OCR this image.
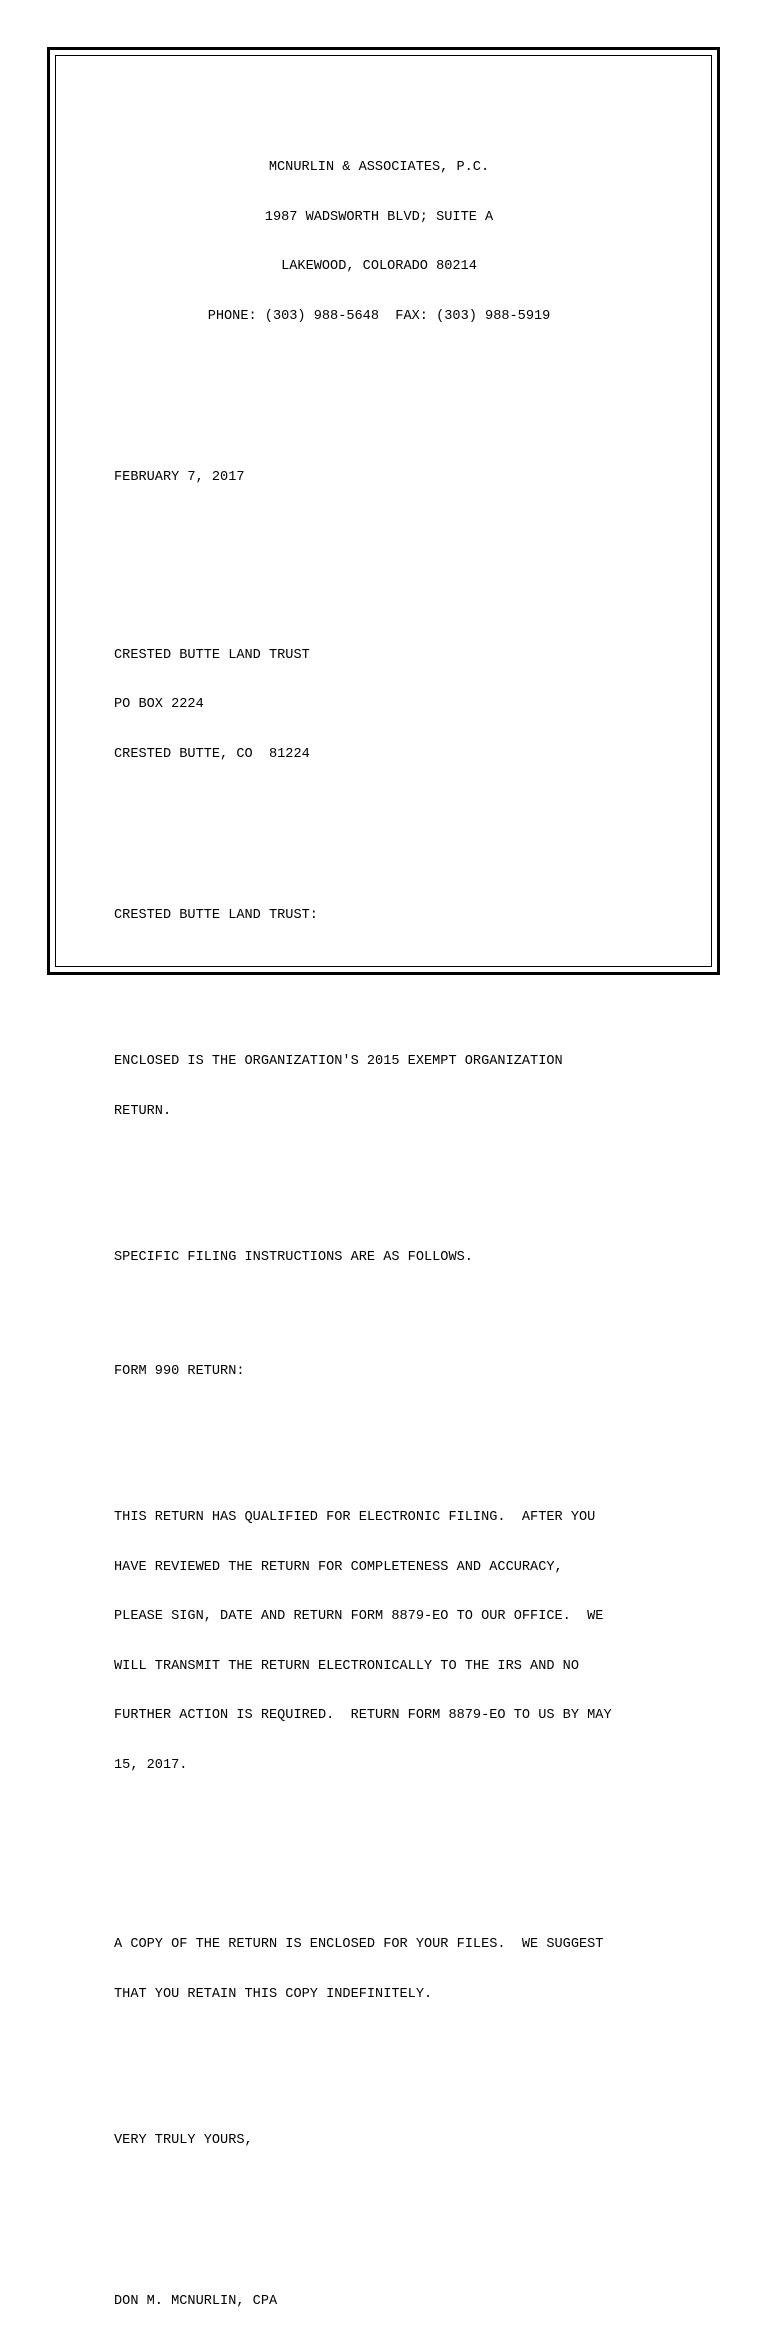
MCNURLIN & ASSOCIATES, P.C.

1987 WADSWORTH BLVD; SUITE A

LAKEWOOD, COLORADO 80214

PHONE: (303) 988-5648  FAX: (303) 988-5919

FEBRUARY 7, 2017

CRESTED BUTTE LAND TRUST

PO BOX 2224

CRESTED BUTTE, CO  81224

CRESTED BUTTE LAND TRUST:

ENCLOSED IS THE ORGANIZATION'S 2015 EXEMPT ORGANIZATION

RETURN.

SPECIFIC FILING INSTRUCTIONS ARE AS FOLLOWS.

FORM 990 RETURN:

THIS RETURN HAS QUALIFIED FOR ELECTRONIC FILING.  AFTER YOU

HAVE REVIEWED THE RETURN FOR COMPLETENESS AND ACCURACY,

PLEASE SIGN, DATE AND RETURN FORM 8879-EO TO OUR OFFICE.  WE

WILL TRANSMIT THE RETURN ELECTRONICALLY TO THE IRS AND NO

FURTHER ACTION IS REQUIRED.  RETURN FORM 8879-EO TO US BY MAY

15, 2017.

A COPY OF THE RETURN IS ENCLOSED FOR YOUR FILES.  WE SUGGEST

THAT YOU RETAIN THIS COPY INDEFINITELY.

VERY TRULY YOURS,

DON M. MCNURLIN, CPA
